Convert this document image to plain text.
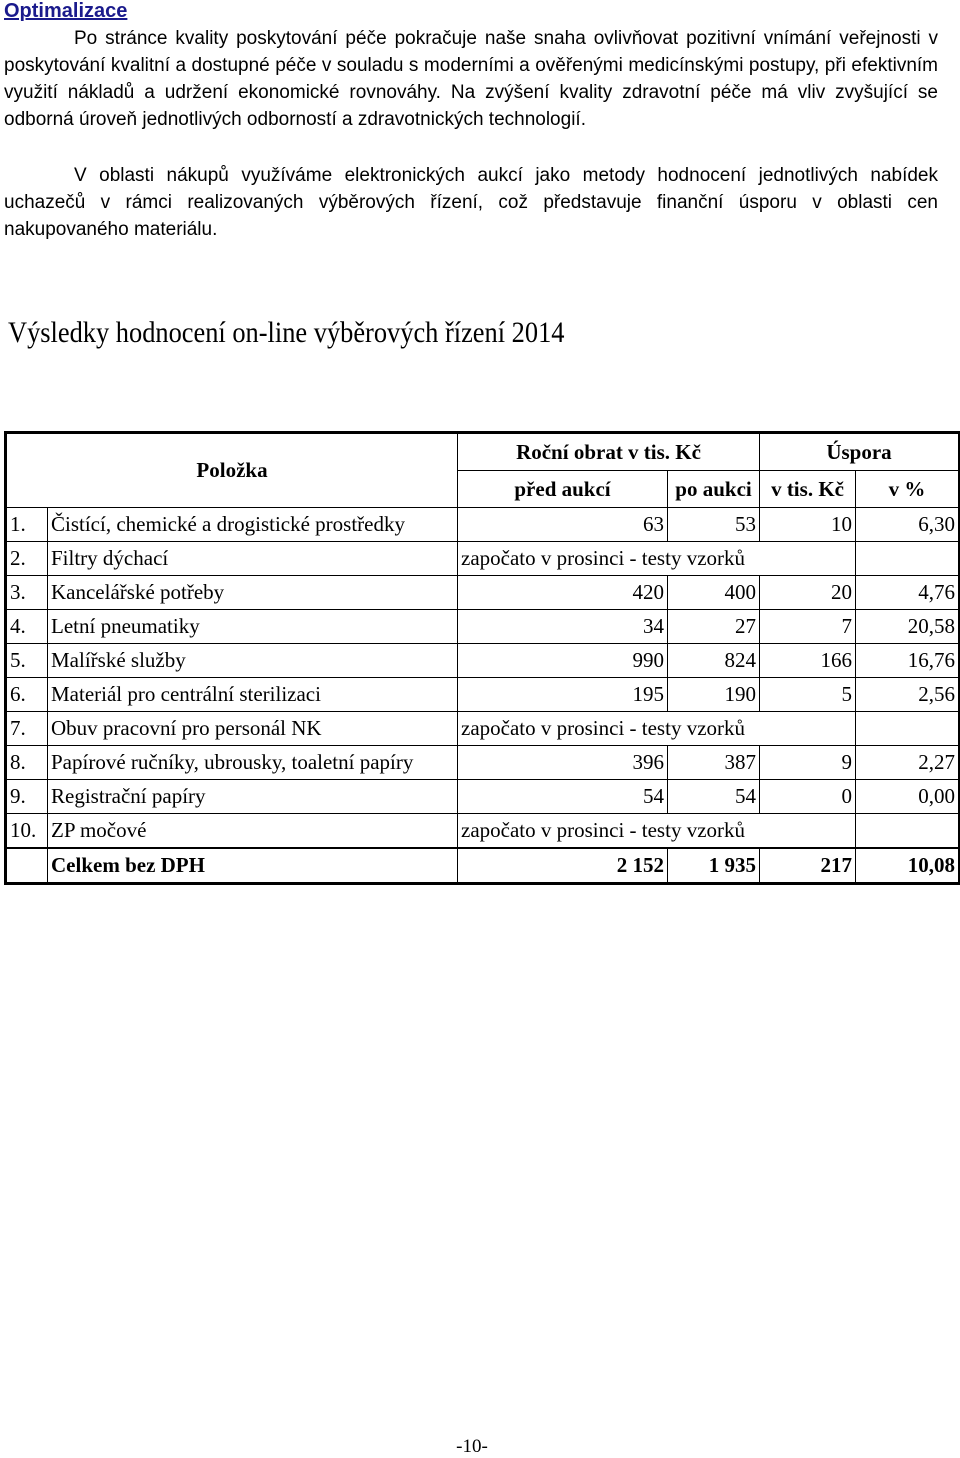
Optimalizace

Po stránce kvality poskytování péče pokračuje naše snaha ovlivňovat pozitivní vnímání veřejnosti v poskytování kvalitní a dostupné péče v souladu s moderními a ověřenými medicínskými postupy, při efektivním využití nákladů a udržení ekonomické rovnováhy. Na zvýšení kvality zdravotní péče má vliv zvyšující se odborná úroveň jednotlivých odborností a zdravotnických technologií.

V oblasti nákupů využíváme elektronických aukcí jako metody hodnocení jednotlivých nabídek uchazečů v rámci realizovaných výběrových řízení, což představuje finanční úsporu v oblasti cen nakupovaného materiálu.

Výsledky hodnocení on-line výběrových řízení 2014
Položka		Roční obrat v tis. Kč		Úspora	
		před aukcí	po aukci	v tis. Kč	v %
1.	Čistící, chemické a drogistické prostředky	63	53	10	6,30
2.	Filtry dýchací	započato v prosinci - testy vzorků			
3.	Kancelářské potřeby	420	400	20	4,76
4.	Letní pneumatiky	34	27	7	20,58
5.	Malířské služby	990	824	166	16,76
6.	Materiál pro centrální sterilizaci	195	190	5	2,56
7.	Obuv pracovní pro personál NK	započato v prosinci - testy vzorků			
8.	Papírové ručníky, ubrousky, toaletní papíry	396	387	9	2,27
9.	Registrační papíry	54	54	0	0,00
10.	ZP močové	započato v prosinci - testy vzorků			
	Celkem bez DPH	2 152	1 935	217	10,08
-10-
